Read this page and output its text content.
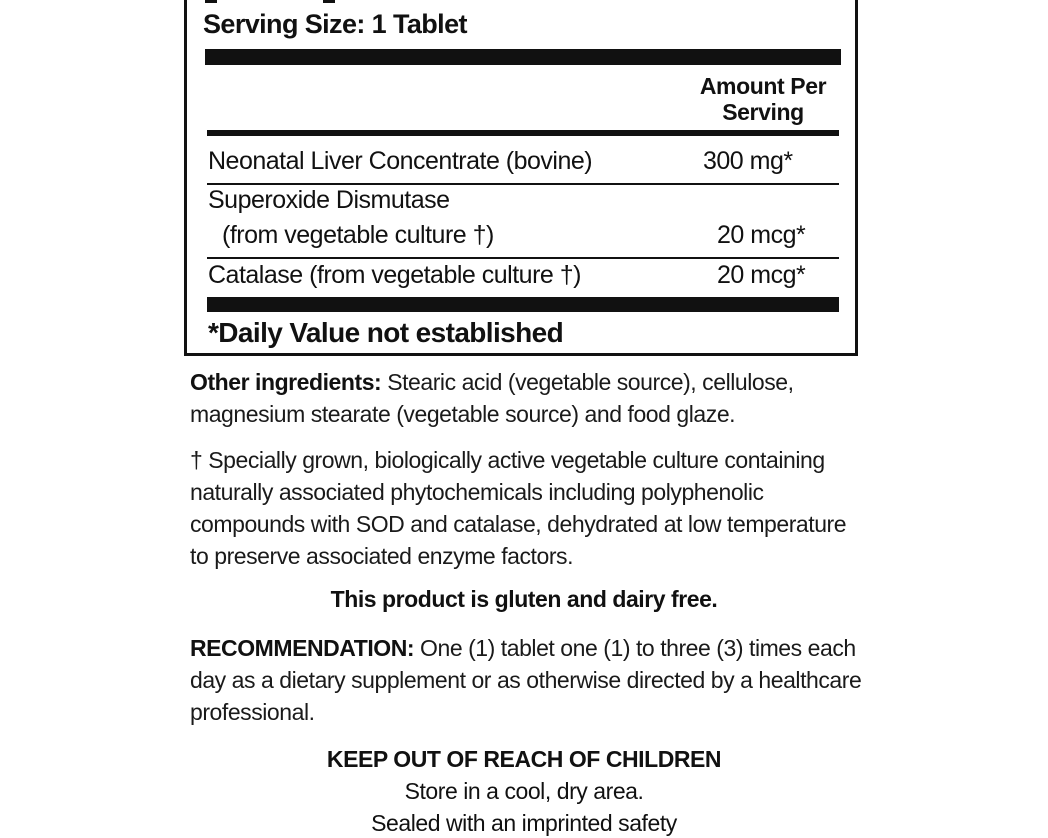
Serving Size: 1 Tablet
Amount Per
Serving
Neonatal Liver Concentrate (bovine)	300 mg*
Superoxide Dismutase
(from vegetable culture †)	20 mcg*
Catalase (from vegetable culture †)	20 mcg*
*Daily Value not established
Other ingredients: Stearic acid (vegetable source), cellulose, magnesium stearate (vegetable source) and food glaze.
† Specially grown, biologically active vegetable culture containing naturally associated phytochemicals including polyphenolic compounds with SOD and catalase, dehydrated at low temperature to preserve associated enzyme factors.
This product is gluten and dairy free.
RECOMMENDATION: One (1) tablet one (1) to three (3) times each day as a dietary supplement or as otherwise directed by a healthcare professional.
KEEP OUT OF REACH OF CHILDREN
Store in a cool, dry area.
Sealed with an imprinted safety
